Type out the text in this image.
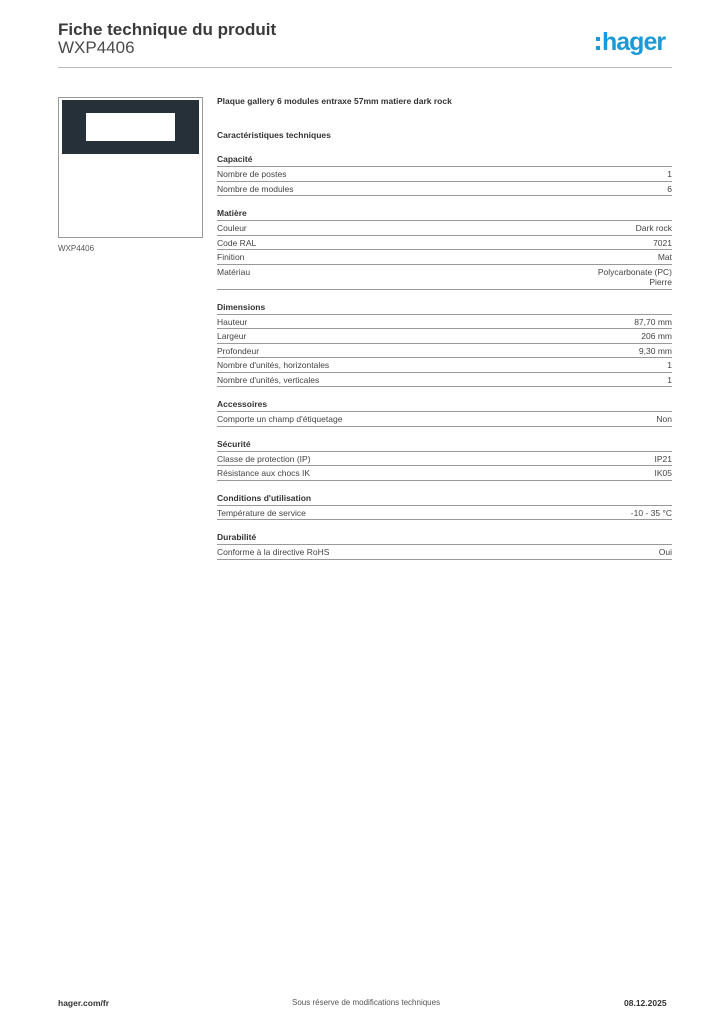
Fiche technique du produit
WXP4406	hager
WXP4406
Plaque gallery 6 modules entraxe 57mm matiere dark rock
Caractéristiques techniques
Capacité
Nombre de postes	1
Nombre de modules	6
Matière
Couleur	Dark rock
Code RAL	7021
Finition	Mat
Matériau	Polycarbonate (PC)
Pierre
Dimensions
Hauteur	87,70 mm
Largeur	206 mm
Profondeur	9,30 mm
Nombre d'unités, horizontales	1
Nombre d'unités, verticales	1
Accessoires
Comporte un champ d'étiquetage	Non
Sécurité
Classe de protection (IP)	IP21
Résistance aux chocs IK	IK05
Conditions d'utilisation
Température de service	-10 - 35 °C
Durabilité
Conforme à la directive RoHS	Oui
hager.com/fr	Sous réserve de modifications techniques	08.12.2025
